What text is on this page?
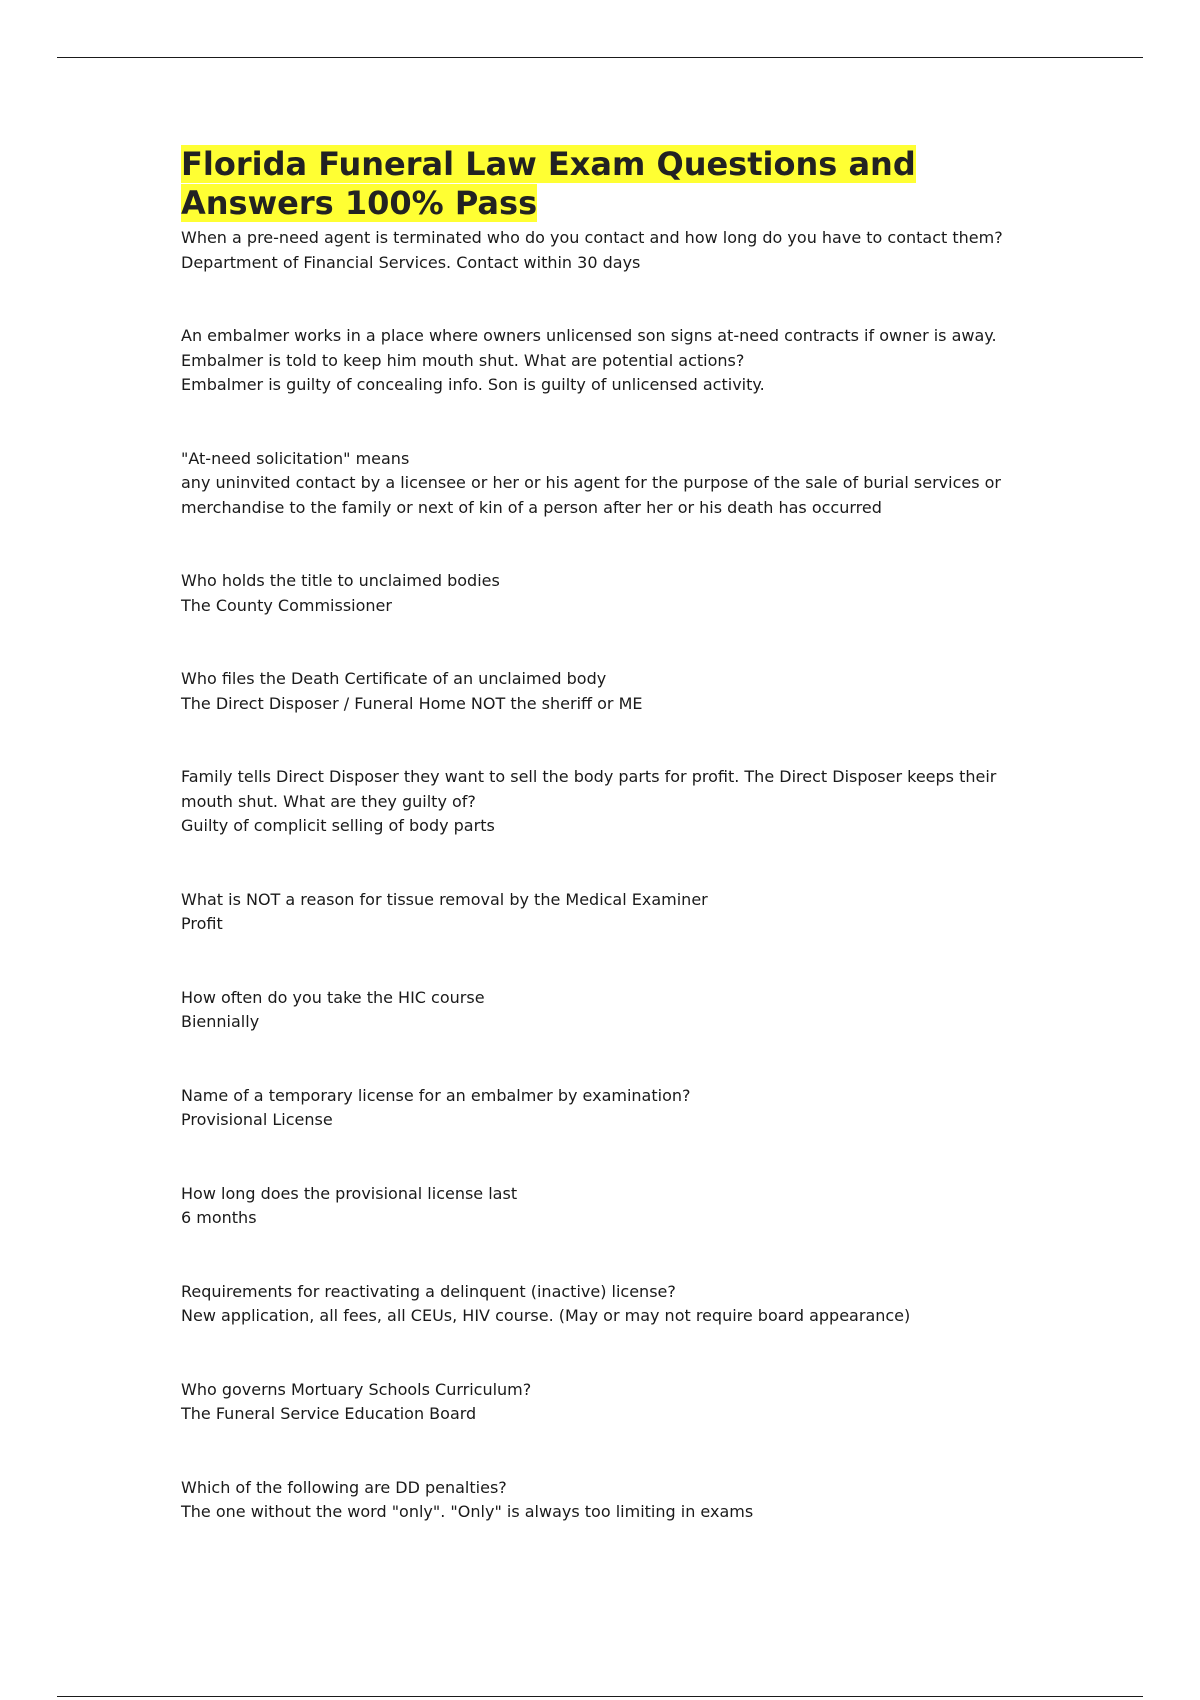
Florida Funeral Law Exam Questions and Answers 100% Pass
When a pre-need agent is terminated who do you contact and how long do you have to contact them?
Department of Financial Services. Contact within 30 days
An embalmer works in a place where owners unlicensed son signs at-need contracts if owner is away. Embalmer is told to keep him mouth shut. What are potential actions?
Embalmer is guilty of concealing info. Son is guilty of unlicensed activity.
"At-need solicitation" means
any uninvited contact by a licensee or her or his agent for the purpose of the sale of burial services or merchandise to the family or next of kin of a person after her or his death has occurred
Who holds the title to unclaimed bodies
The County Commissioner
Who files the Death Certificate of an unclaimed body
The Direct Disposer / Funeral Home NOT the sheriff or ME
Family tells Direct Disposer they want to sell the body parts for profit. The Direct Disposer keeps their mouth shut. What are they guilty of?
Guilty of complicit selling of body parts
What is NOT a reason for tissue removal by the Medical Examiner
Profit
How often do you take the HIC course
Biennially
Name of a temporary license for an embalmer by examination?
Provisional License
How long does the provisional license last
6 months
Requirements for reactivating a delinquent (inactive) license?
New application, all fees, all CEUs, HIV course. (May or may not require board appearance)
Who governs Mortuary Schools Curriculum?
The Funeral Service Education Board
Which of the following are DD penalties?
The one without the word "only". "Only" is always too limiting in exams
